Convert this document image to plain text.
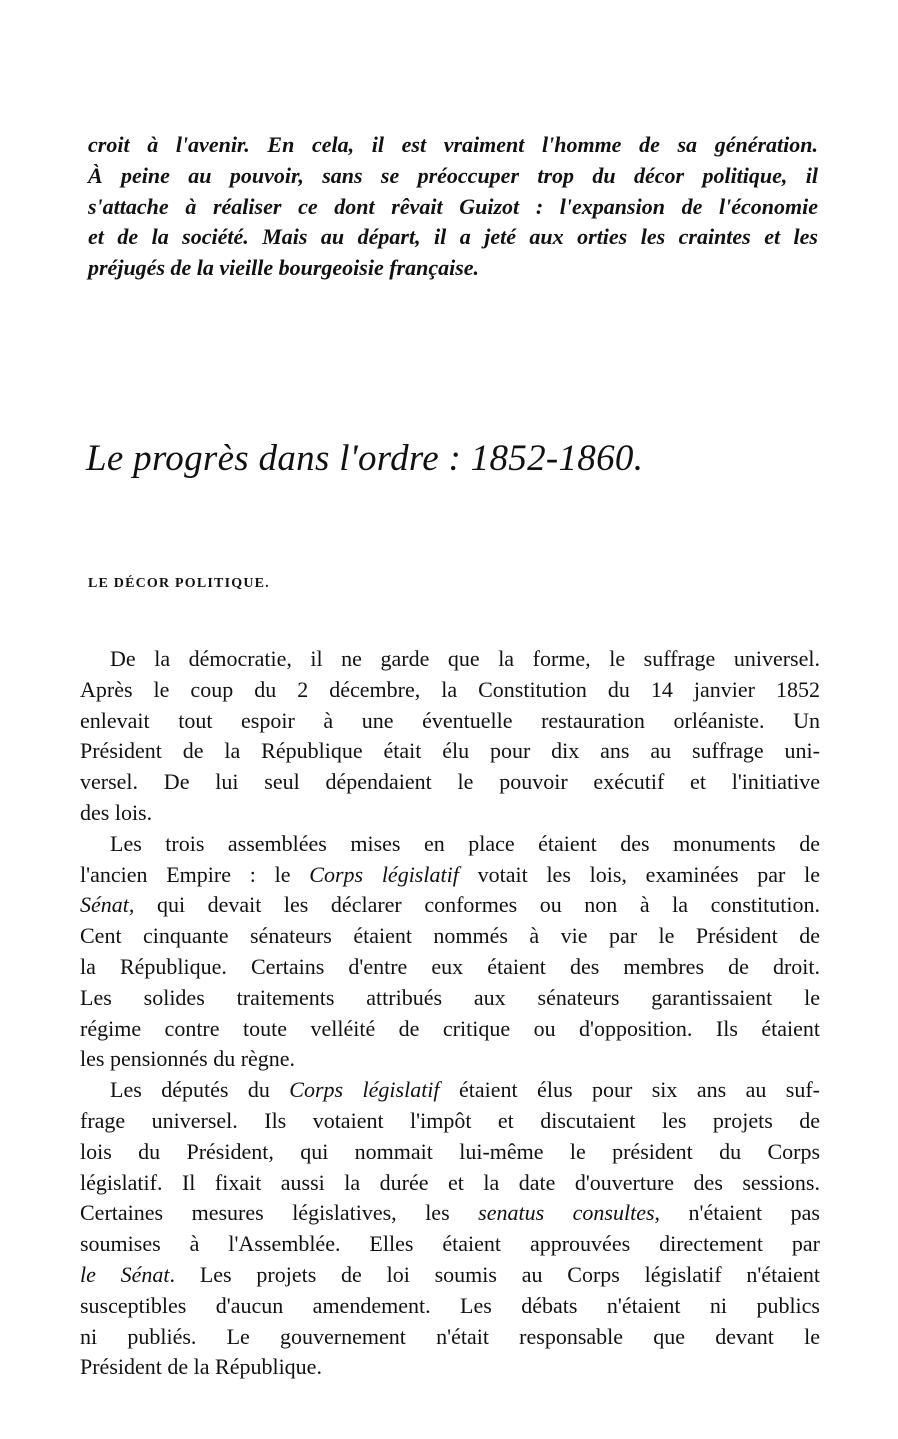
croit à l'avenir. En cela, il est vraiment l'homme de sa génération.
À peine au pouvoir, sans se préoccuper trop du décor politique, il
s'attache à réaliser ce dont rêvait Guizot : l'expansion de l'économie
et de la société. Mais au départ, il a jeté aux orties les craintes et les
préjugés de la vieille bourgeoisie française.
Le progrès dans l'ordre : 1852-1860.
LE DÉCOR POLITIQUE.
De la démocratie, il ne garde que la forme, le suffrage universel.
Après le coup du 2 décembre, la Constitution du 14 janvier 1852
enlevait tout espoir à une éventuelle restauration orléaniste. Un
Président de la République était élu pour dix ans au suffrage uni-
versel. De lui seul dépendaient le pouvoir exécutif et l'initiative
des lois.
Les trois assemblées mises en place étaient des monuments de
l'ancien Empire : le Corps législatif votait les lois, examinées par le
Sénat, qui devait les déclarer conformes ou non à la constitution.
Cent cinquante sénateurs étaient nommés à vie par le Président de
la République. Certains d'entre eux étaient des membres de droit.
Les solides traitements attribués aux sénateurs garantissaient le
régime contre toute velléité de critique ou d'opposition. Ils étaient
les pensionnés du règne.
Les députés du Corps législatif étaient élus pour six ans au suf-
frage universel. Ils votaient l'impôt et discutaient les projets de
lois du Président, qui nommait lui-même le président du Corps
législatif. Il fixait aussi la durée et la date d'ouverture des sessions.
Certaines mesures législatives, les senatus consultes, n'étaient pas
soumises à l'Assemblée. Elles étaient approuvées directement par
le Sénat. Les projets de loi soumis au Corps législatif n'étaient
susceptibles d'aucun amendement. Les débats n'étaient ni publics
ni publiés. Le gouvernement n'était responsable que devant le
Président de la République.
